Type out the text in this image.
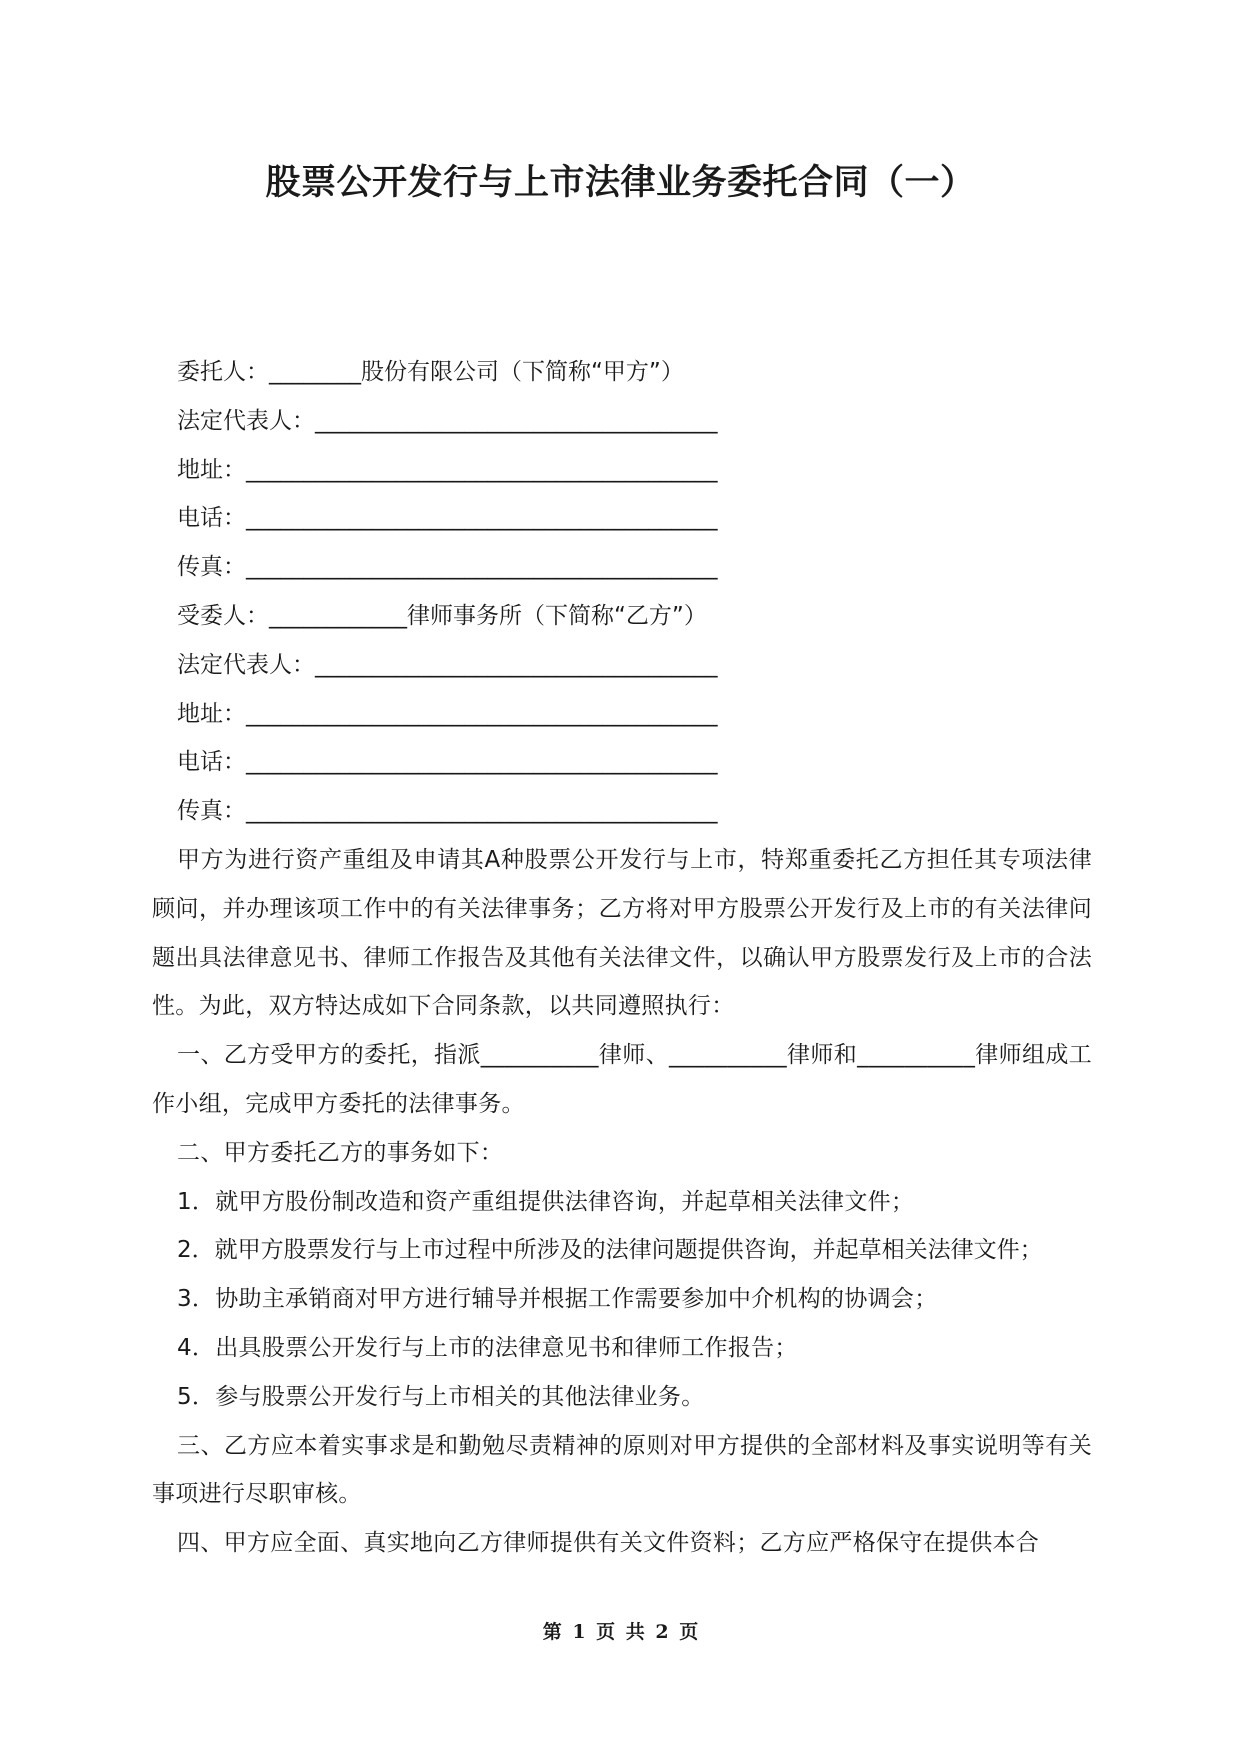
股票公开发行与上市法律业务委托合同（一）
委托人：________股份有限公司（下简称“甲方”）
法定代表人：___________________________________
地址：_________________________________________
电话：_________________________________________
传真：_________________________________________
受委人：____________律师事务所（下简称“乙方”）
法定代表人：___________________________________
地址：_________________________________________
电话：_________________________________________
传真：_________________________________________

甲方为进行资产重组及申请其A种股票公开发行与上市，特郑重委托乙方担任其专项法律顾问，并办理该项工作中的有关法律事务；乙方将对甲方股票公开发行及上市的有关法律问题出具法律意见书、律师工作报告及其他有关法律文件，以确认甲方股票发行及上市的合法性。为此，双方特达成如下合同条款，以共同遵照执行：

一、乙方受甲方的委托，指派__________律师、__________律师和__________律师组成工作小组，完成甲方委托的法律事务。

二、甲方委托乙方的事务如下：

1．就甲方股份制改造和资产重组提供法律咨询，并起草相关法律文件；

2．就甲方股票发行与上市过程中所涉及的法律问题提供咨询，并起草相关法律文件；

3．协助主承销商对甲方进行辅导并根据工作需要参加中介机构的协调会；

4．出具股票公开发行与上市的法律意见书和律师工作报告；

5．参与股票公开发行与上市相关的其他法律业务。

三、乙方应本着实事求是和勤勉尽责精神的原则对甲方提供的全部材料及事实说明等有关事项进行尽职审核。

四、甲方应全面、真实地向乙方律师提供有关文件资料；乙方应严格保守在提供本合

第 1 页 共 2 页
